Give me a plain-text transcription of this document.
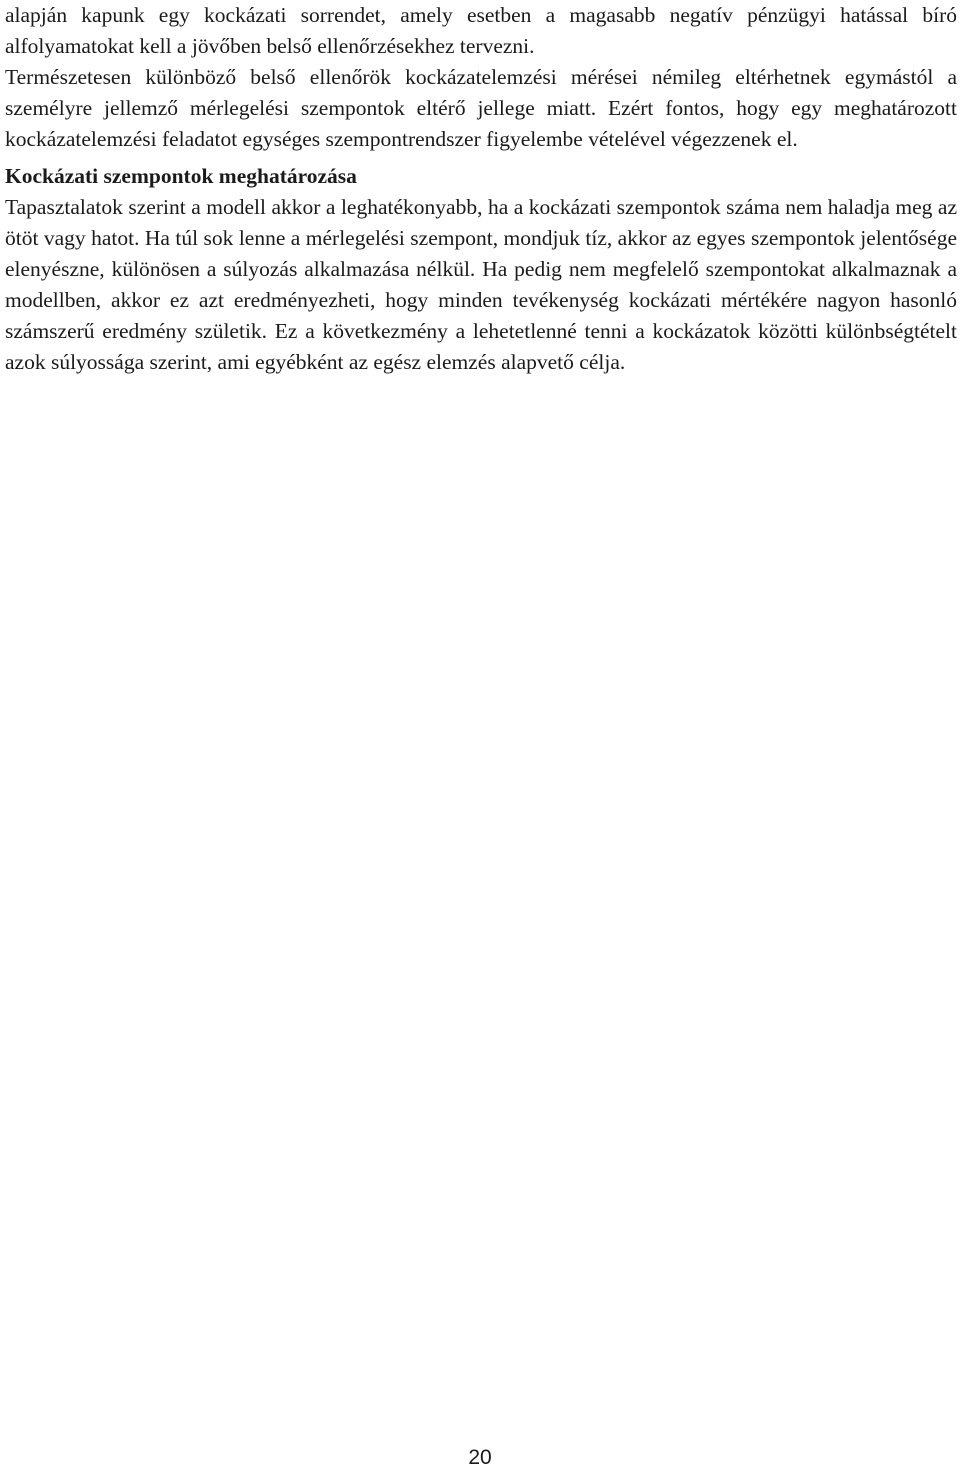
alapján kapunk egy kockázati sorrendet, amely esetben a magasabb negatív pénzügyi hatással bíró alfolyamatokat kell a jövőben belső ellenőrzésekhez tervezni.

Természetesen különböző belső ellenőrök kockázatelemzési mérései némileg eltérhetnek egymástól a személyre jellemző mérlegelési szempontok eltérő jellege miatt. Ezért fontos, hogy egy meghatározott kockázatelemzési feladatot egységes szempontrendszer figyelembe vételével végezzenek el.

Kockázati szempontok meghatározása

Tapasztalatok szerint a modell akkor a leghatékonyabb, ha a kockázati szempontok száma nem haladja meg az ötöt vagy hatot. Ha túl sok lenne a mérlegelési szempont, mondjuk tíz, akkor az egyes szempontok jelentősége elenyészne, különösen a súlyozás alkalmazása nélkül. Ha pedig nem megfelelő szempontokat alkalmaznak a modellben, akkor ez azt eredményezheti, hogy minden tevékenység kockázati mértékére nagyon hasonló számszerű eredmény születik. Ez a következmény a lehetetlenné tenni a kockázatok közötti különbségtételt azok súlyossága szerint, ami egyébként az egész elemzés alapvető célja.

20
